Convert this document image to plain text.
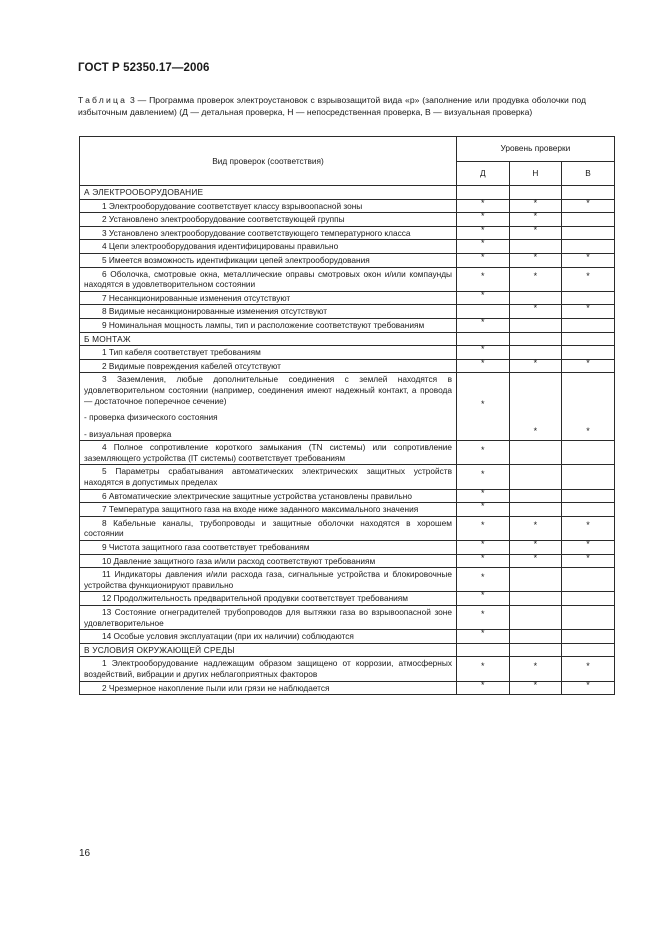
ГОСТ Р 52350.17—2006
Таблица 3 — Программа проверок электроустановок с взрывозащитой вида «p» (заполнение или продувка оболочки под избыточным давлением) (Д — детальная проверка, Н — непосредственная проверка, В — визуальная проверка)
Вид проверок (соответствия)	Уровень проверки		
	Д	Н	В
А ЭЛЕКТРООБОРУДОВАНИЕ			
1 Электрооборудование соответствует классу взрывоопасной зоны	*	*	*
2 Установлено электрооборудование соответствующей группы	*	*	
3 Установлено электрооборудование соответствующего температурного класса	*	*	
4 Цепи электрооборудования идентифицированы правильно	*		
5 Имеется возможность идентификации цепей электрооборудования	*	*	*
6 Оболочка, смотровые окна, металлические оправы смотровых окон и/или компаунды находятся в удовлетворительном состоянии	*	*	*
7 Несанкционированные изменения отсутствуют	*		
8 Видимые несанкционированные изменения отсутствуют		*	*
9 Номинальная мощность лампы, тип и расположение соответствуют требованиям	*		
Б МОНТАЖ			
1 Тип кабеля соответствует требованиям	*		
2 Видимые повреждения кабелей отсутствуют	*	*	*

3 Заземления, любые дополнительные соединения с землей находятся в удовлетворительном состоянии (например, соединения имеют надежный контакт, а провода — достаточное поперечное сечение)
- проверка физического состояния
- визуальная проверка	*	*	*
4 Полное сопротивление короткого замыкания (TN системы) или сопротивление заземляющего устройства (IT системы) соответствует требованиям	*		
5 Параметры срабатывания автоматических электрических защитных устройств находятся в допустимых пределах	*		
6 Автоматические электрические защитные устройства установлены правильно	*		
7 Температура защитного газа на входе ниже заданного максимального значения	*		
8 Кабельные каналы, трубопроводы и защитные оболочки находятся в хорошем состоянии	*	*	*
9 Чистота защитного газа соответствует требованиям	*	*	*
10 Давление защитного газа и/или расход соответствуют требованиям	*	*	*
11 Индикаторы давления и/или расхода газа, сигнальные устройства и блокировочные устройства функционируют правильно	*		
12 Продолжительность предварительной продувки соответствует требованиям	*		
13 Состояние огнеградителей трубопроводов для вытяжки газа во взрывоопасной зоне удовлетворительное	*		
14 Особые условия эксплуатации (при их наличии) соблюдаются	*		
В УСЛОВИЯ ОКРУЖАЮЩЕЙ СРЕДЫ			
1 Электрооборудование надлежащим образом защищено от коррозии, атмосферных воздействий, вибрации и других неблагоприятных факторов	*	*	*
2 Чрезмерное накопление пыли или грязи не наблюдается	*	*	*
16
